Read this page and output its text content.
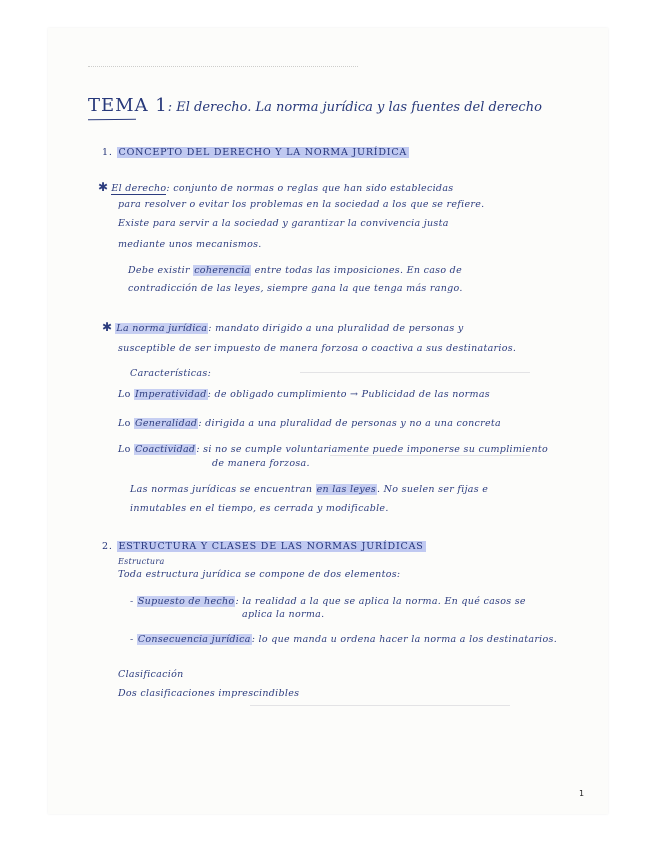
TEMA 1: El derecho. La norma jurídica y las fuentes del derecho
1. CONCEPTO DEL DERECHO Y LA NORMA JURÍDICA
✱ El derecho: conjunto de normas o reglas que han sido establecidas
para resolver o evitar los problemas en la sociedad a los que se refiere.
Existe para servir a la sociedad y garantizar la convivencia justa
mediante unos mecanismos.
Debe existir coherencia entre todas las imposiciones. En caso de
contradicción de las leyes, siempre gana la que tenga más rango.
✱ La norma jurídica: mandato dirigido a una pluralidad de personas y
susceptible de ser impuesto de manera forzosa o coactiva a sus destinatarios.
Características:
Lo Imperatividad: de obligado cumplimiento → Publicidad de las normas
Lo Generalidad: dirigida a una pluralidad de personas y no a una concreta
Lo Coactividad: si no se cumple voluntariamente puede imponerse su cumplimiento
de manera forzosa.
Las normas jurídicas se encuentran en las leyes. No suelen ser fijas e
inmutables en el tiempo, es cerrada y modificable.
2. ESTRUCTURA Y CLASES DE LAS NORMAS JURÍDICAS
Estructura
Toda estructura jurídica se compone de dos elementos:
- Supuesto de hecho: la realidad a la que se aplica la norma. En qué casos se
aplica la norma.
- Consecuencia jurídica: lo que manda u ordena hacer la norma a los destinatarios.
Clasificación
Dos clasificaciones imprescindibles
1
